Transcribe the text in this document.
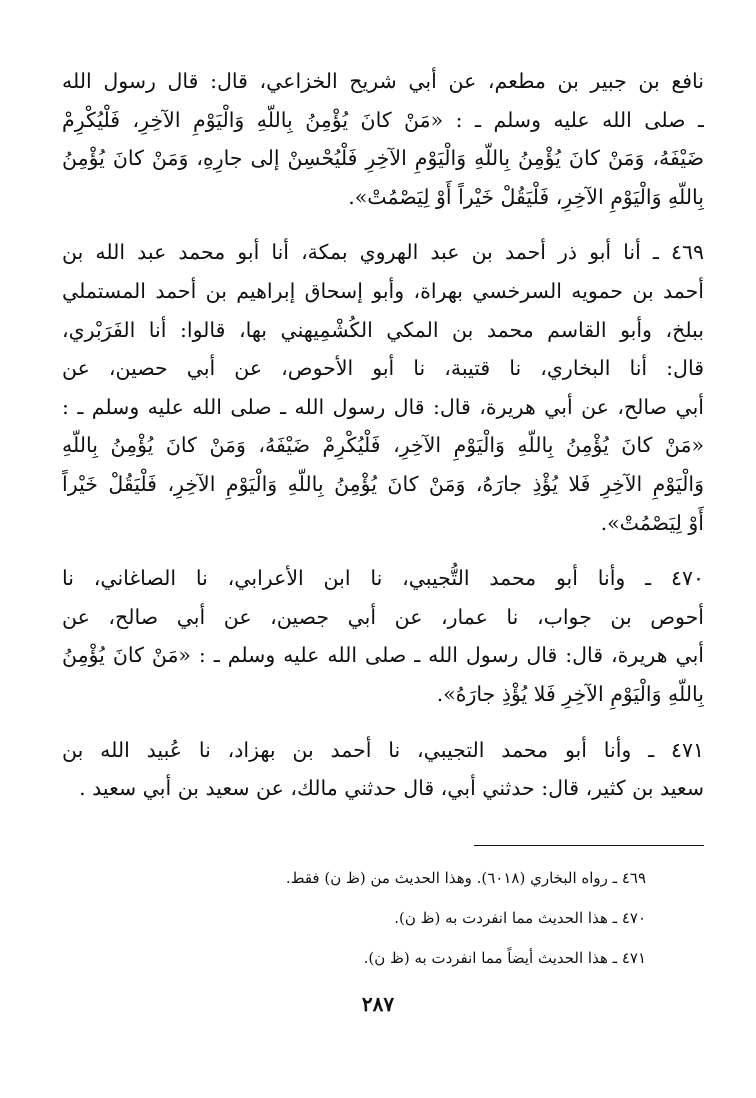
نافع بن جبير بن مطعم، عن أبي شريح الخزاعي، قال: قال رسول الله
ـ صلى الله عليه وسلم ـ : «مَنْ كانَ يُؤْمِنُ بِاللّهِ وَالْيَوْمِ الآخِرِ، فَلْيُكْرِمْ
ضَيْفَهُ، وَمَنْ كانَ يُؤْمِنُ بِاللّهِ وَالْيَوْمِ الآخِرِ فَلْيُحْسِنْ إلى جارِهِ، وَمَنْ كانَ يُؤْمِنُ
بِاللّهِ وَالْيَوْمِ الآخِرِ، فَلْيَقُلْ خَيْراً أَوْ لِيَصْمُتْ».
٤٦٩ ـ أنا أبو ذر أحمد بن عبد الهروي بمكة، أنا أبو محمد عبد الله بن
أحمد بن حمويه السرخسي بهراة، وأبو إسحاق إبراهيم بن أحمد المستملي
ببلخ، وأبو القاسم محمد بن المكي الكُشْمِيهني بها، قالوا: أنا الفَرَبْري،
قال: أنا البخاري، نا قتيبة، نا أبو الأحوص، عن أبي حصين، عن
أبي صالح، عن أبي هريرة، قال: قال رسول الله ـ صلى الله عليه وسلم ـ :
«مَنْ كانَ يُؤْمِنُ بِاللّهِ وَالْيَوْمِ الآخِرِ، فَلْيُكْرِمْ ضَيْفَهُ، وَمَنْ كانَ يُؤْمِنُ بِاللّهِ
وَالْيَوْمِ الآخِرِ فَلا يُؤْذِ جارَهُ، وَمَنْ كانَ يُؤْمِنُ بِاللّهِ وَالْيَوْمِ الآخِرِ، فَلْيَقُلْ خَيْراً
أَوْ لِيَصْمُتْ».
٤٧٠ ـ وأنا أبو محمد التُّجيبي، نا ابن الأعرابي، نا الصاغاني، نا
أحوص بن جواب، نا عمار، عن أبي جصين، عن أبي صالح، عن
أبي هريرة، قال: قال رسول الله ـ صلى الله عليه وسلم ـ : «مَنْ كانَ يُؤْمِنُ
بِاللّهِ وَالْيَوْمِ الآخِرِ فَلا يُؤْذِ جارَهُ».
٤٧١ ـ وأنا أبو محمد التجيبي، نا أحمد بن بهزاد، نا عُبيد الله بن
سعيد بن كثير، قال: حدثني أبي، قال حدثني مالك، عن سعيد بن أبي سعيد .
٤٦٩ ـ رواه البخاري (٦٠١٨). وهذا الحديث من (ظ ن) فقط.
٤٧٠ ـ هذا الحديث مما انفردت به (ظ ن).
٤٧١ ـ هذا الحديث أيضاً مما انفردت به (ظ ن).
٢٨٧
